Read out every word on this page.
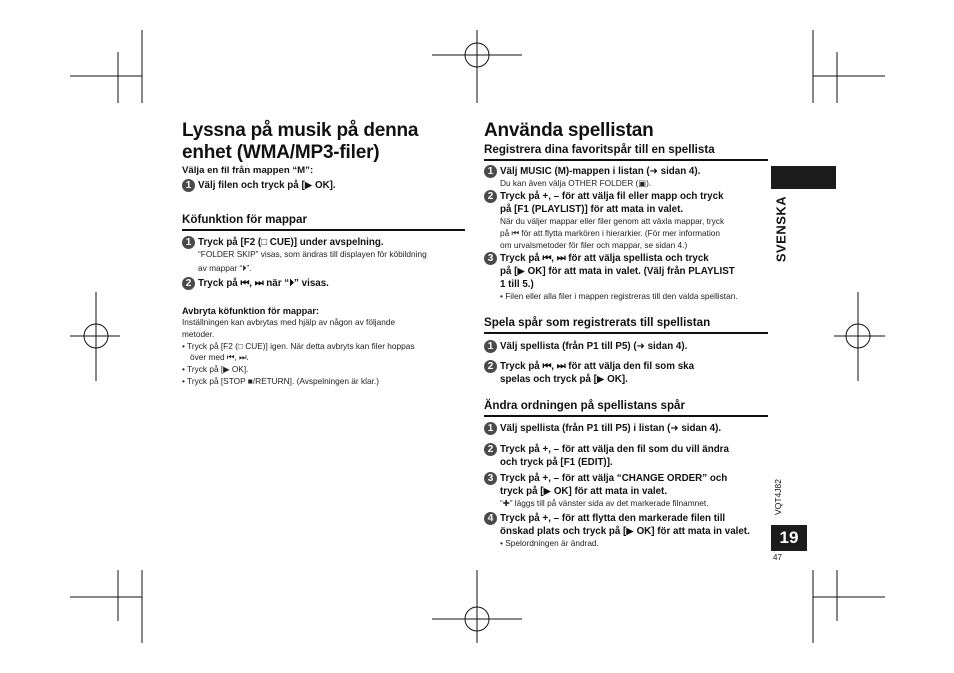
Lyssna på musik på denna
enhet (WMA/MP3-filer)
Välja en fil från mappen “M”:
1 Välj filen och tryck på [▶ OK].
Köfunktion för mappar
1 Tryck på [F2 (□ CUE)] under avspelning.
“FOLDER SKIP” visas, som ändras till displayen för köbildning
av mappar “⏵”.
2 Tryck på ⏮, ⏭ när “⏵” visas.
Avbryta köfunktion för mappar:
Inställningen kan avbrytas med hjälp av någon av följande
metoder.
• Tryck på [F2 (□ CUE)] igen. När detta avbryts kan filer hoppas
över med ⏮, ⏭.
• Tryck på [▶ OK].
• Tryck på [STOP ■/RETURN]. (Avspelningen är klar.)
Använda spellistan
Registrera dina favoritspår till en spellista
1 Välj MUSIC (M)-mappen i listan (➜ sidan 4).
Du kan även välja OTHER FOLDER (▣).
2 Tryck på +, – för att välja fil eller mapp och tryck
på [F1 (PLAYLIST)] för att mata in valet.
När du väljer mappar eller filer genom att växla mappar, tryck
på ⏮ för att flytta markören i hierarkier. (För mer information
om urvalsmetoder för filer och mappar, se sidan 4.)
3 Tryck på ⏮, ⏭ för att välja spellista och tryck
på [▶ OK] för att mata in valet. (Välj från PLAYLIST
1 till 5.)
• Filen eller alla filer i mappen registreras till den valda spellistan.
Spela spår som registrerats till spellistan
1 Välj spellista (från P1 till P5) (➜ sidan 4).
2 Tryck på ⏮, ⏭ för att välja den fil som ska
spelas och tryck på [▶ OK].
Ändra ordningen på spellistans spår
1 Välj spellista (från P1 till P5) i listan (➜ sidan 4).
2 Tryck på +, – för att välja den fil som du vill ändra
och tryck på [F1 (EDIT)].
3 Tryck på +, – för att välja “CHANGE ORDER” och
tryck på [▶ OK] för att mata in valet.
“✚” läggs till på vänster sida av det markerade filnamnet.
4 Tryck på +, – för att flytta den markerade filen till
önskad plats och tryck på [▶ OK] för att mata in valet.
• Spelordningen är ändrad.
SVENSKA
VQT4J82
19
47
